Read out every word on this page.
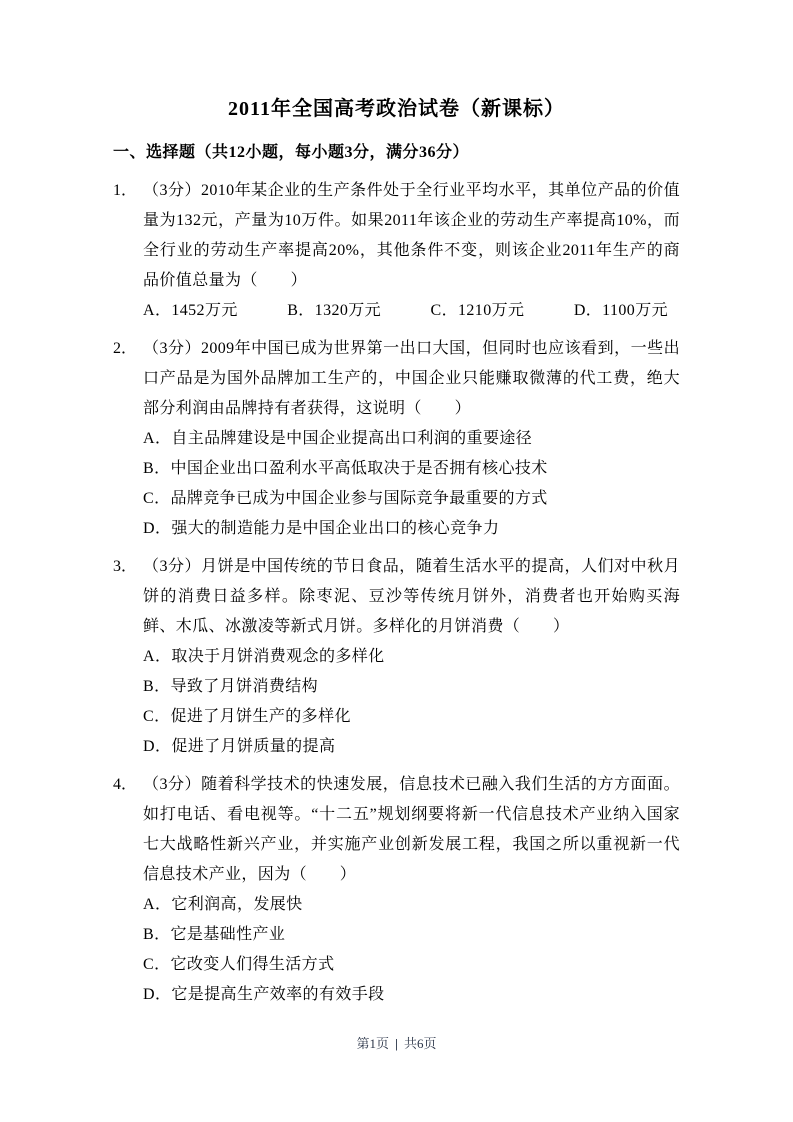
2011年全国高考政治试卷（新课标）
一、选择题（共12小题，每小题3分，满分36分）
1． （3分）2010年某企业的生产条件处于全行业平均水平，其单位产品的价值量为132元，产量为10万件。如果2011年该企业的劳动生产率提高10%，而全行业的劳动生产率提高20%，其他条件不变，则该企业2011年生产的商品价值总量为（　　）

A．1452万元	B．1320万元	C．1210万元	D．1100万元
2． （3分）2009年中国已成为世界第一出口大国，但同时也应该看到，一些出口产品是为国外品牌加工生产的，中国企业只能赚取微薄的代工费，绝大部分利润由品牌持有者获得，这说明（　　）

A．自主品牌建设是中国企业提高出口利润的重要途径

B．中国企业出口盈利水平高低取决于是否拥有核心技术

C．品牌竞争已成为中国企业参与国际竞争最重要的方式

D．强大的制造能力是中国企业出口的核心竞争力

3． （3分）月饼是中国传统的节日食品，随着生活水平的提高，人们对中秋月饼的消费日益多样。除枣泥、豆沙等传统月饼外，消费者也开始购买海鲜、木瓜、冰激凌等新式月饼。多样化的月饼消费（　　）

A．取决于月饼消费观念的多样化

B．导致了月饼消费结构

C．促进了月饼生产的多样化

D．促进了月饼质量的提高

4． （3分）随着科学技术的快速发展，信息技术已融入我们生活的方方面面。如打电话、看电视等。“十二五”规划纲要将新一代信息技术产业纳入国家七大战略性新兴产业，并实施产业创新发展工程，我国之所以重视新一代信息技术产业，因为（　　）

A．它利润高，发展快

B．它是基础性产业

C．它改变人们得生活方式

D．它是提高生产效率的有效手段

第1页 | 共6页
